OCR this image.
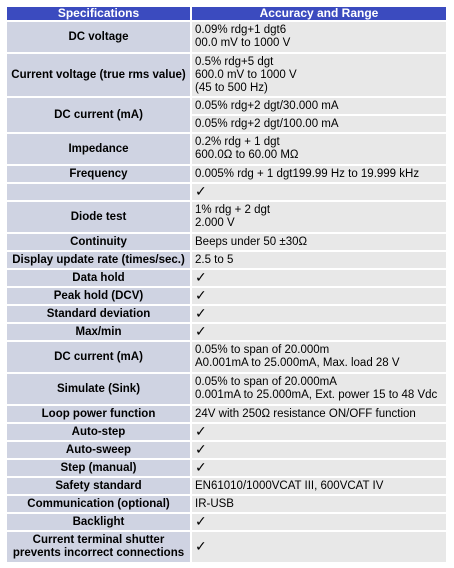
Specifications	Accuracy and Range
DC voltage	0.09% rdg+1 dgt6
00.0 mV to 1000 V

Current voltage (true rms value)	0.5% rdg+5 dgt
600.0 mV to 1000 V
(45 to 500 Hz)

DC current (mA)	0.05% rdg+2 dgt/30.000 mA

	0.05% rdg+2 dgt/100.00 mA

Impedance	0.2% rdg + 1 dgt
600.0Ω to 60.00 MΩ

Frequency	0.005% rdg + 1 dgt199.99 Hz to 19.999 kHz

	✓

Diode test	1% rdg + 2 dgt
2.000 V

Continuity	Beeps under 50 ±30Ω

Display update rate (times/sec.)	2.5 to 5

Data hold	✓

Peak hold (DCV)	✓

Standard deviation	✓

Max/min	✓

DC current (mA)	0.05% to span of 20.000m
A0.001mA to 25.000mA, Max. load 28 V

Simulate (Sink)	0.05% to span of 20.000mA
0.001mA to 25.000mA, Ext. power 15 to 48 Vdc

Loop power function	24V with 250Ω resistance ON/OFF function

Auto-step	✓

Auto-sweep	✓

Step (manual)	✓

Safety standard	EN61010/1000VCAT III, 600VCAT IV

Communication (optional)	IR-USB

Backlight	✓

Current terminal shutter prevents incorrect connections	✓
